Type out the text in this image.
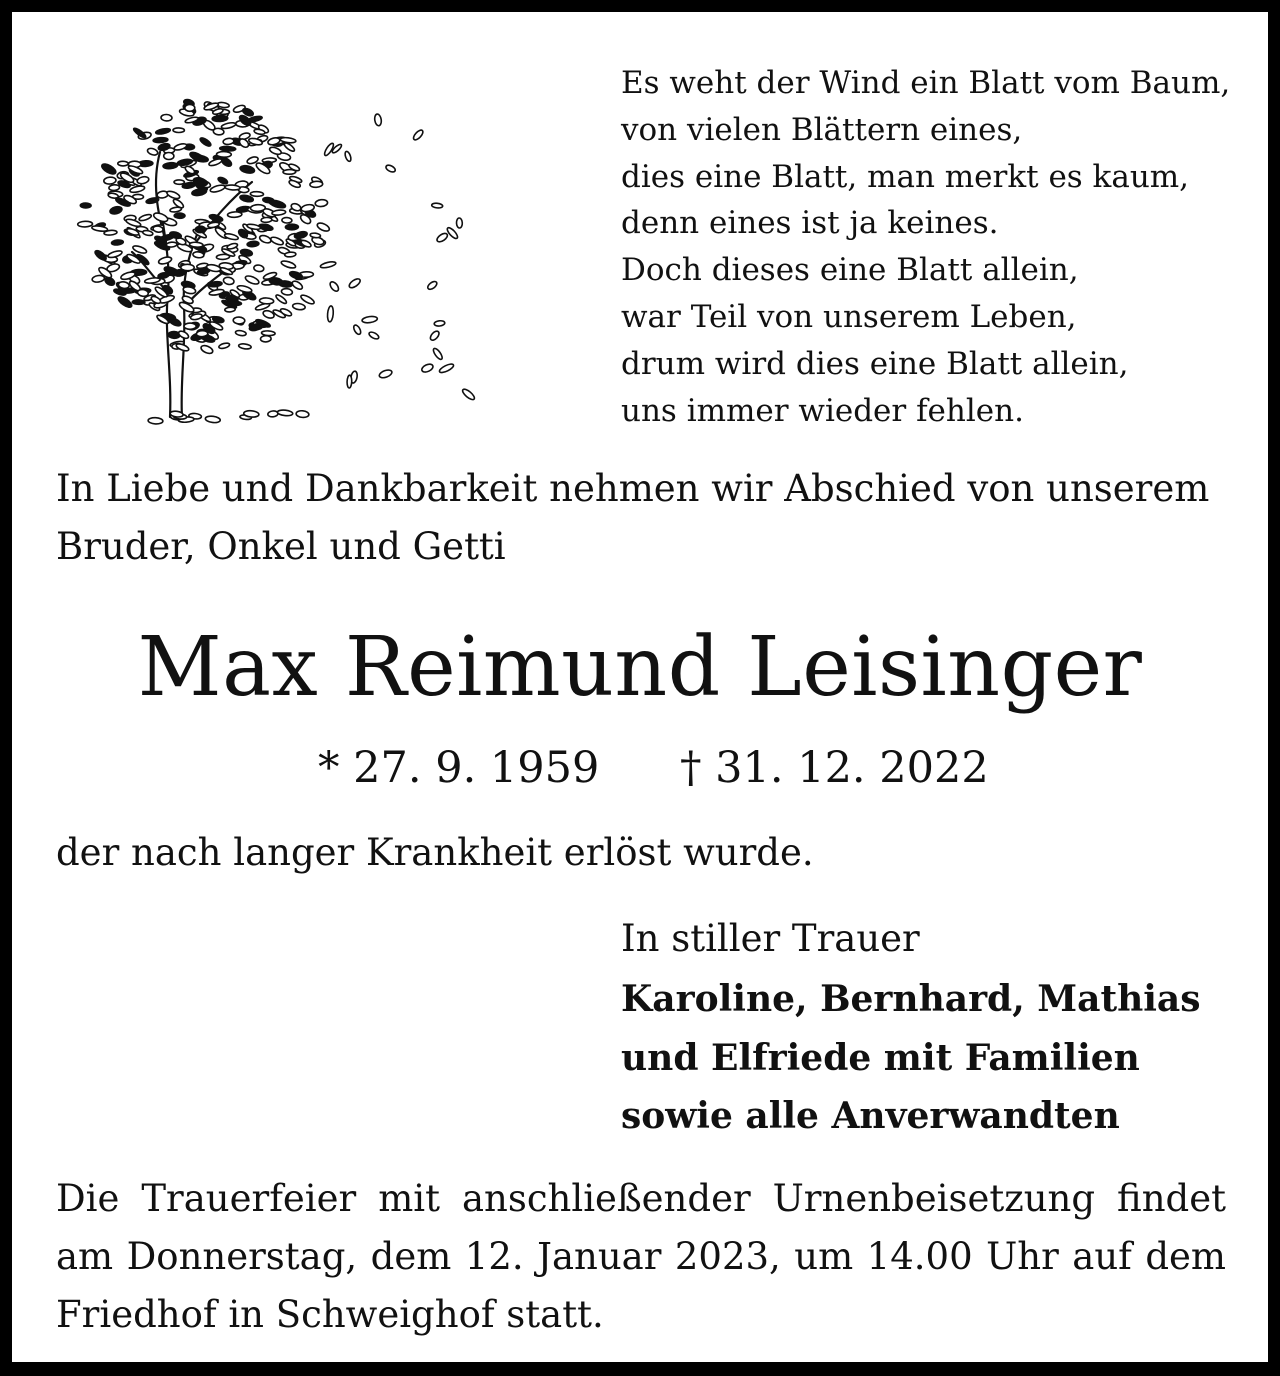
Es weht der Wind ein Blatt vom Baum,
von vielen Blättern eines,
dies eine Blatt, man merkt es kaum,
denn eines ist ja keines.
Doch dieses eine Blatt allein,
war Teil von unserem Leben,
drum wird dies eine Blatt allein,
uns immer wieder fehlen.
In Liebe und Dankbarkeit nehmen wir Abschied von unserem
Bruder, Onkel und Getti
Max Reimund Leisinger
* 27. 9. 1959 † 31. 12. 2022
der nach langer Krankheit erlöst wurde.
In stiller Trauer
Karoline, Bernhard, Mathias
und Elfriede mit Familien
sowie alle Anverwandten
Die Trauerfeier mit anschließender Urnenbeisetzung findet
am Donnerstag, dem 12. Januar 2023, um 14.00 Uhr auf dem
Friedhof in Schweighof statt.
